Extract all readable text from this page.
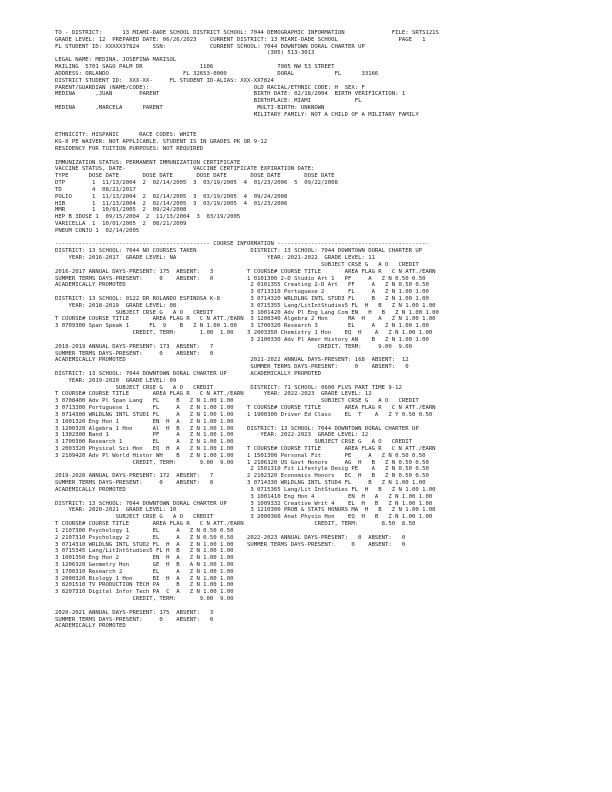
TO - DISTRICT:      13 MIAMI-DADE SCHOOL DISTRICT SCHOOL: 7044 DEMOGRAPHIC INFORMATION              FILE: SRTS121S
GRADE LEVEL: 12  PREPARED DATE: 06/26/2023    CURRENT DISTRICT: 13 MIAMI-DADE SCHOOL                  PAGE   1
FL STUDENT ID: XXXXX37824    SSN:             CURRENT SCHOOL: 7044 DOWNTOWN DORAL CHARTER UP
(305) 513-3013
LEGAL NAME: MEDINA, JOSEFINA MARISOL
MAILING  5701 SAGO PALM DR                 1106                   7905 NW 53 STREET
ADDRESS: ORLANDO                      FL 32653-0000               DORAL            FL      33166
DISTRICT STUDENT ID:  XXX-XX-     FL STUDENT ID-ALIAS: XXX-XX7824
PARENT/GUARDIAN (NAME/CODE):                               OLD RACIAL/ETHNIC CODE: H  SEX: F
MEDINA      ,JUAN        PARENT                            BIRTH DATE: 02/18/2004  BIRTH VERIFICATION: 1
BIRTHPLACE: MIAMI             FL
MEDINA      ,MARCELA      PARENT                            MULTI-BIRTH: UNKNOWN
MILITARY FAMILY: NOT A CHILD OF A MILITARY FAMILY
ETHNICITY: HISPANIC      RACE CODES: WHITE
KG-8 PE WAIVER: NOT APPLICABLE. STUDENT IS IN GRADES PK OR 9-12
RESIDENCY FOR TUITION PURPOSES: NOT REQUIRED
IMMUNIZATION STATUS: PERMANENT IMMUNIZATION CERTIFICATE
VACCINE STATUS, DATE-                    VACCINE CERTIFICATE EXPIRATION DATE:
TYPE      DOSE DATE       DOSE DATE       DOSE DATE       DOSE DATE       DOSE DATE
DTP        1  11/13/2004  2  02/14/2005  3  03/19/2005  4  01/23/2006  5  09/22/2008
TD         4  08/21/2017
POLIO      1  11/13/2004  2  02/14/2005  3  03/19/2005  4  09/24/2008
HIB        1  11/13/2004  2  02/14/2005  3  03/19/2005  4  01/23/2006
MMR        1  10/01/2005  2  09/24/2008
HEP B 3DOSE 1  09/15/2004  2  11/13/2004  3  03/19/2005
VARICELLA  1  10/01/2005  2  08/21/2009
PNEUM CONJU 1  02/14/2005
---------------------------------------------- COURSE INFORMATION ---------------------------------------------
DISTRICT: 13 SCHOOL: 7044 NO COURSES TAKEN                DISTRICT: 13 SCHOOL: 7044 DOWNTOWN DORAL CHARTER UP
YEAR: 2016-2017  GRADE LEVEL: NA                           YEAR: 2021-2022  GRADE LEVEL: 11
SUBJECT CRSE G   A O   CREDIT
2016-2017 ANNUAL DAYS-PRESENT: 175  ABSENT:   3          T COURSE# COURSE TITLE       AREA FLAG R   C N ATT./EARN
SUMMER TERMS DAYS-PRESENT:     0    ABSENT:   0          1 0101300 2-D Studio Art 1   PF     A   Z N 0.50 0.50
ACADEMICALLY PROMOTED                                     2 0101355 Creating 2-D Art   PF     A   Z N 0.50 0.50
3 0713310 Portuguese 2       FL     A   Z N 1.00 1.00
DISTRICT: 13 SCHOOL: 0122 DR ROLANDO ESPINOSA K-8         3 0714320 WRLDLNG INTL STUD3 FL     B   Z N 1.00 1.00
YEAR: 2018-2019  GRADE LEVEL: 08                      3 0715355 Lang/LitIntStudies5 FL  H   B   Z N 1.00 1.00
SUBJECT CRSE G   A O   CREDIT           3 1001420 Adv Pl Eng Lang Com EN   H   B   Z N 1.00 1.00
T COURSE# COURSE TITLE       AREA FLAG R   C N ATT./EARN  3 1200340 Algebra 2 Hon      MA  H    A   Z N 1.00 1.00
3 0709300 Span Speak 1      FL  9    B   Z N 1.00 1.00    3 1700320 Research 3         EL     A   Z N 1.00 1.00
CREDIT, TERM:       1.00  1.00    3 2003350 Chemistry 1 Hon    EQ  H    A   Z N 1.00 1.00
3 2100330 Adv Pl Amer History AN    B   Z N 1.00 1.00
2018-2019 ANNUAL DAYS-PRESENT: 173  ABSENT:   7                               CREDIT, TERM:     9.00  9.00
SUMMER TERMS DAYS-PRESENT:     0    ABSENT:   0
ACADEMICALLY PROMOTED                                     2021-2022 ANNUAL DAYS-PRESENT: 168  ABSENT:  12
SUMMER TERMS DAYS-PRESENT:     0    ABSENT:   0
DISTRICT: 13 SCHOOL: 7044 DOWNTOWN DORAL CHARTER UP       ACADEMICALLY PROMOTED
YEAR: 2019-2020  GRADE LEVEL: 09
SUBJECT CRSE G   A O   CREDIT           DISTRICT: 71 SCHOOL: 0600 FLVS PART TIME 9-12
T COURSE# COURSE TITLE       AREA FLAG R   C N ATT./EARN      YEAR: 2022-2023  GRADE LEVEL: 12
3 0708400 Adv Pl Span Lang   FL     B   Z N 1.00 1.00                          SUBJECT CRSE G   A O   CREDIT
3 0713300 Portuguese 1       FL     A   Z N 1.00 1.00    T COURSE# COURSE TITLE       AREA FLAG R   C N ATT./EARN
3 0714300 WRLDLNG INTL STUD1 FL     A   Z N 1.00 1.00    1 1900300 Driver Ed Class    EL  T    A   Z Y 0.50 0.50
3 1001320 Eng Hon 1          EN  H  A   Z N 1.00 1.00
3 1200320 Algebra 1 Hon      Al  H  B   Z N 1.00 1.00    DISTRICT: 13 SCHOOL: 7044 DOWNTOWN DORAL CHARTER UP
3 1302300 Band 1             PF     A   Z N 1.00 1.00        YEAR: 2022-2023  GRADE LEVEL: 12
3 1700300 Research 1         EL     A   Z N 1.00 1.00                        SUBJECT CRSE G   A O   CREDIT
3 2003320 Physical Sci Hon   EQ  H  A   Z N 1.00 1.00    T COURSE# COURSE TITLE       AREA FLAG R   C N ATT./EARN
3 2109420 Adv Pl World Histor WH    B   Z N 1.00 1.00    1 1501300 Personal Fit       PE     A   Z N 0.50 0.50
CREDIT, TERM:       9.00  9.00    1 2106320 US Govt Honors     AG  H   B   Z N 0.50 0.50
2 1501310 Fit Lifestyle Desig PE    A   Z N 0.50 0.50
2019-2020 ANNUAL DAYS-PRESENT: 172  ABSENT:   7          2 2102320 Economics Honors   EC  H   B   Z N 0.50 0.50
SUMMER TERMS DAYS-PRESENT:     0    ABSENT:   0          3 0714330 WRLDLNG INTL STUD4 FL     B   Z N 1.00 1.00
ACADEMICALLY PROMOTED                                     3 0715365 Lang/Lit IntStudies FL  H   B   Z N 1.00 1.00
3 1001410 Eng Hon 4          EN  H   A   Z N 1.00 1.00
DISTRICT: 13 SCHOOL: 7044 DOWNTOWN DORAL CHARTER UP       3 1009332 Creative Writ 4    EL  H   B   Z N 1.00 1.00
YEAR: 2020-2021  GRADE LEVEL: 10                      3 1210300 PROB & STATS HONORS MA  H   B   Z N 1.00 1.00
SUBJECT CRSE G   A O   CREDIT           3 2000360 Anat Physio Hon    EQ  H   B   Z N 1.00 1.00
T COURSE# COURSE TITLE       AREA FLAG R   C N ATT./EARN                     CREDIT, TERM:       8.50  8.50
1 2107300 Psychology 1       EL     A   Z N 0.50 0.50
2 2107310 Psychology 2       EL     A   Z N 0.50 0.50    2022-2023 ANNUAL DAYS-PRESENT:   0  ABSENT:   0
3 0714310 WRLDLNG INTL STUD2 FL  H  A   Z N 1.00 1.00    SUMMER TERMS DAYS-PRESENT:     0    ABSENT:   0
3 0715345 Lang/LitIntStudies5 FL H  B   Z N 1.00 1.00
3 1001350 Eng Hon 2          EN  H  A   Z N 1.00 1.00
3 1206320 Geometry Hon       GE  H  B   A N 1.00 1.00
3 1700310 Research 2         EL     A   Z N 1.00 1.00
3 2000320 Biology 1 Hon      BI  H  A   Z N 1.00 1.00
3 8201510 TV PRODUCTION TECH PA     B   Z N 1.00 1.00
3 8207310 Digital Infor Tech PA  C  A   Z N 1.00 1.00
CREDIT, TERM:       9.00  9.00
2020-2021 ANNUAL DAYS-PRESENT: 175  ABSENT:   3
SUMMER TERMS DAYS-PRESENT:     0    ABSENT:   0
ACADEMICALLY PROMOTED
